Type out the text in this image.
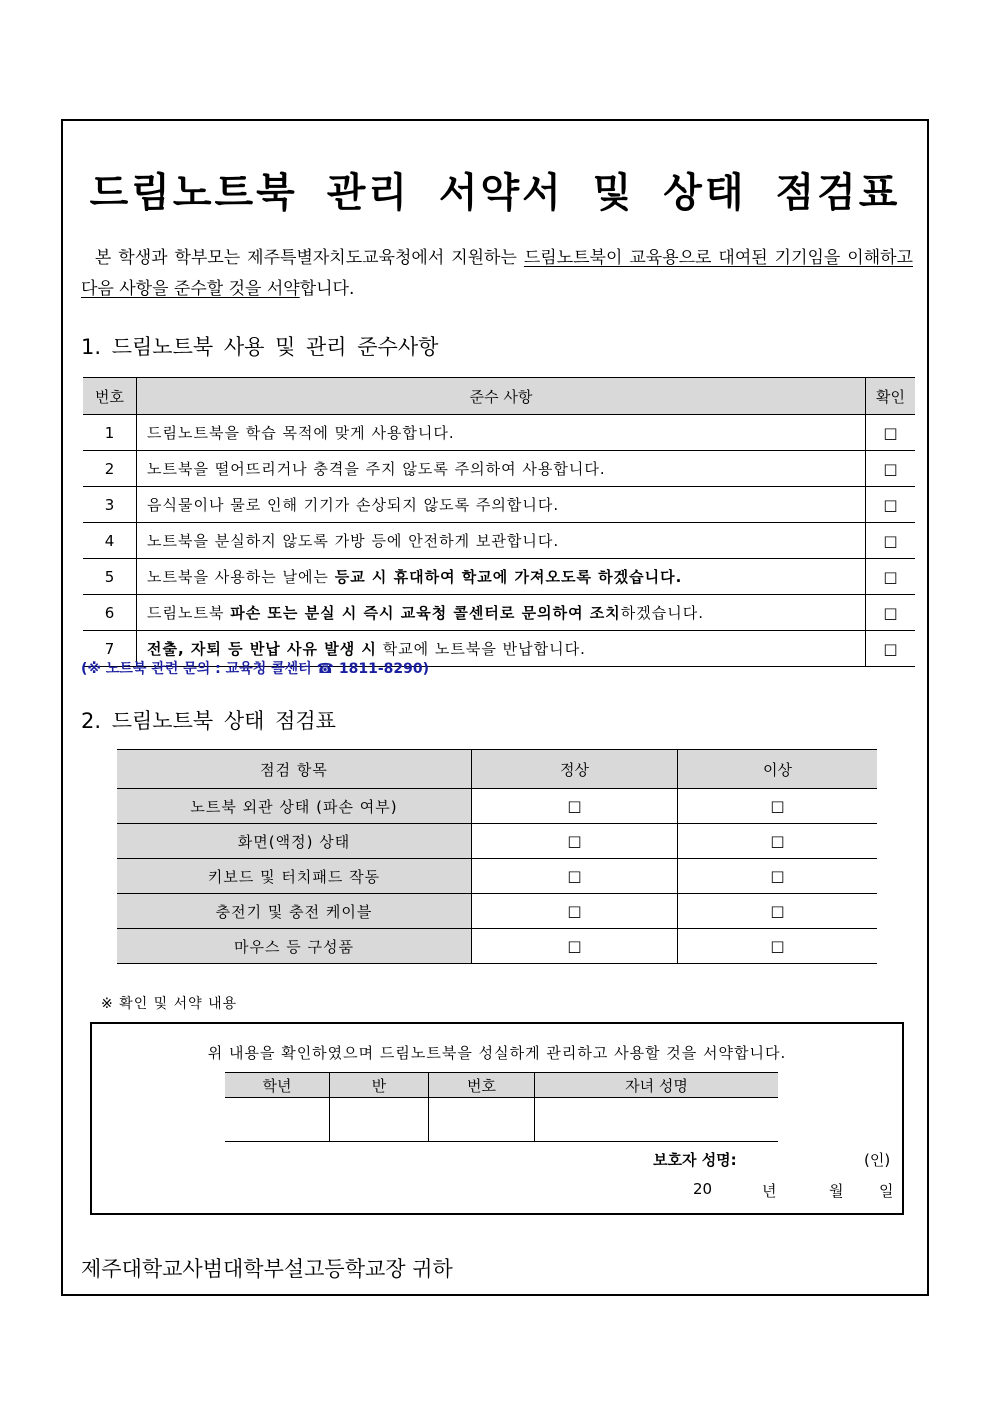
드림노트북 관리 서약서 및 상태 점검표
본 학생과 학부모는 제주특별자치도교육청에서 지원하는 드림노트북이 교육용으로 대여된 기기임을 이해하고 다음 사항을 준수할 것을 서약합니다.
1. 드림노트북 사용 및 관리 준수사항
번호	준수 사항	확인
1	드림노트북을 학습 목적에 맞게 사용합니다.	□
2	노트북을 떨어뜨리거나 충격을 주지 않도록 주의하여 사용합니다.	□
3	음식물이나 물로 인해 기기가 손상되지 않도록 주의합니다.	□
4	노트북을 분실하지 않도록 가방 등에 안전하게 보관합니다.	□
5	노트북을 사용하는 날에는 등교 시 휴대하여 학교에 가져오도록 하겠습니다.	□
6	드림노트북 파손 또는 분실 시 즉시 교육청 콜센터로 문의하여 조치하겠습니다.	□
7	전출, 자퇴 등 반납 사유 발생 시 학교에 노트북을 반납합니다.	□
(※ 노트북 관련 문의 : 교육청 콜센터 ☎ 1811-8290)
2. 드림노트북 상태 점검표
점검 항목	정상	이상
노트북 외관 상태 (파손 여부)	□	□
화면(액정) 상태	□	□
키보드 및 터치패드 작동	□	□
충전기 및 충전 케이블	□	□
마우스 등 구성품	□	□
※ 확인 및 서약 내용
위 내용을 확인하였으며 드림노트북을 성실하게 관리하고 사용할 것을 서약합니다.
학년	반	번호	자녀 성명

보호자 성명:	(인)
20	년	월 일
제주대학교사범대학부설고등학교장 귀하
